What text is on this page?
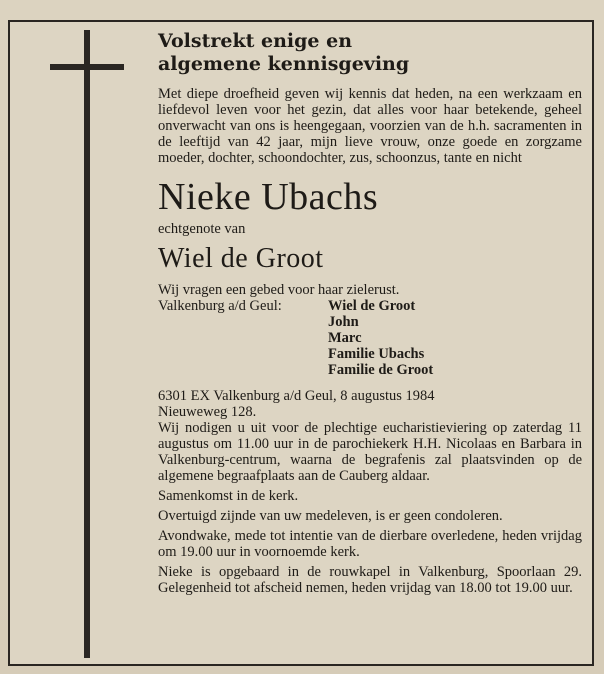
Volstrekt enige en

algemene kennisgeving

Met diepe droefheid geven wij kennis dat heden, na een werkzaam en liefdevol leven voor het gezin, dat alles voor haar betekende, geheel onverwacht van ons is heengegaan, voorzien van de h.h. sacramenten in de leeftijd van 42 jaar, mijn lieve vrouw, onze goede en zorgzame moeder, dochter, schoondochter, zus, schoonzus, tante en nicht

Nieke Ubachs

echtgenote van

Wiel de Groot

Wij vragen een gebed voor haar zielerust.

Valkenburg a/d Geul:	Wiel de Groot
John
Marc
Familie Ubachs
Familie de Groot

6301 EX Valkenburg a/d Geul, 8 augustus 1984

Nieuweweg 128.

Wij nodigen u uit voor de plechtige eucharistieviering op zaterdag 11 augustus om 11.00 uur in de parochiekerk H.H. Nicolaas en Barbara in Valkenburg-centrum, waarna de begrafenis zal plaatsvinden op de algemene begraafplaats aan de Cauberg aldaar.

Samenkomst in de kerk.

Overtuigd zijnde van uw medeleven, is er geen condoleren.

Avondwake, mede tot intentie van de dierbare overledene, heden vrijdag om 19.00 uur in voornoemde kerk.

Nieke is opgebaard in de rouwkapel in Valkenburg, Spoorlaan 29. Gelegenheid tot afscheid nemen, heden vrijdag van 18.00 tot 19.00 uur.
